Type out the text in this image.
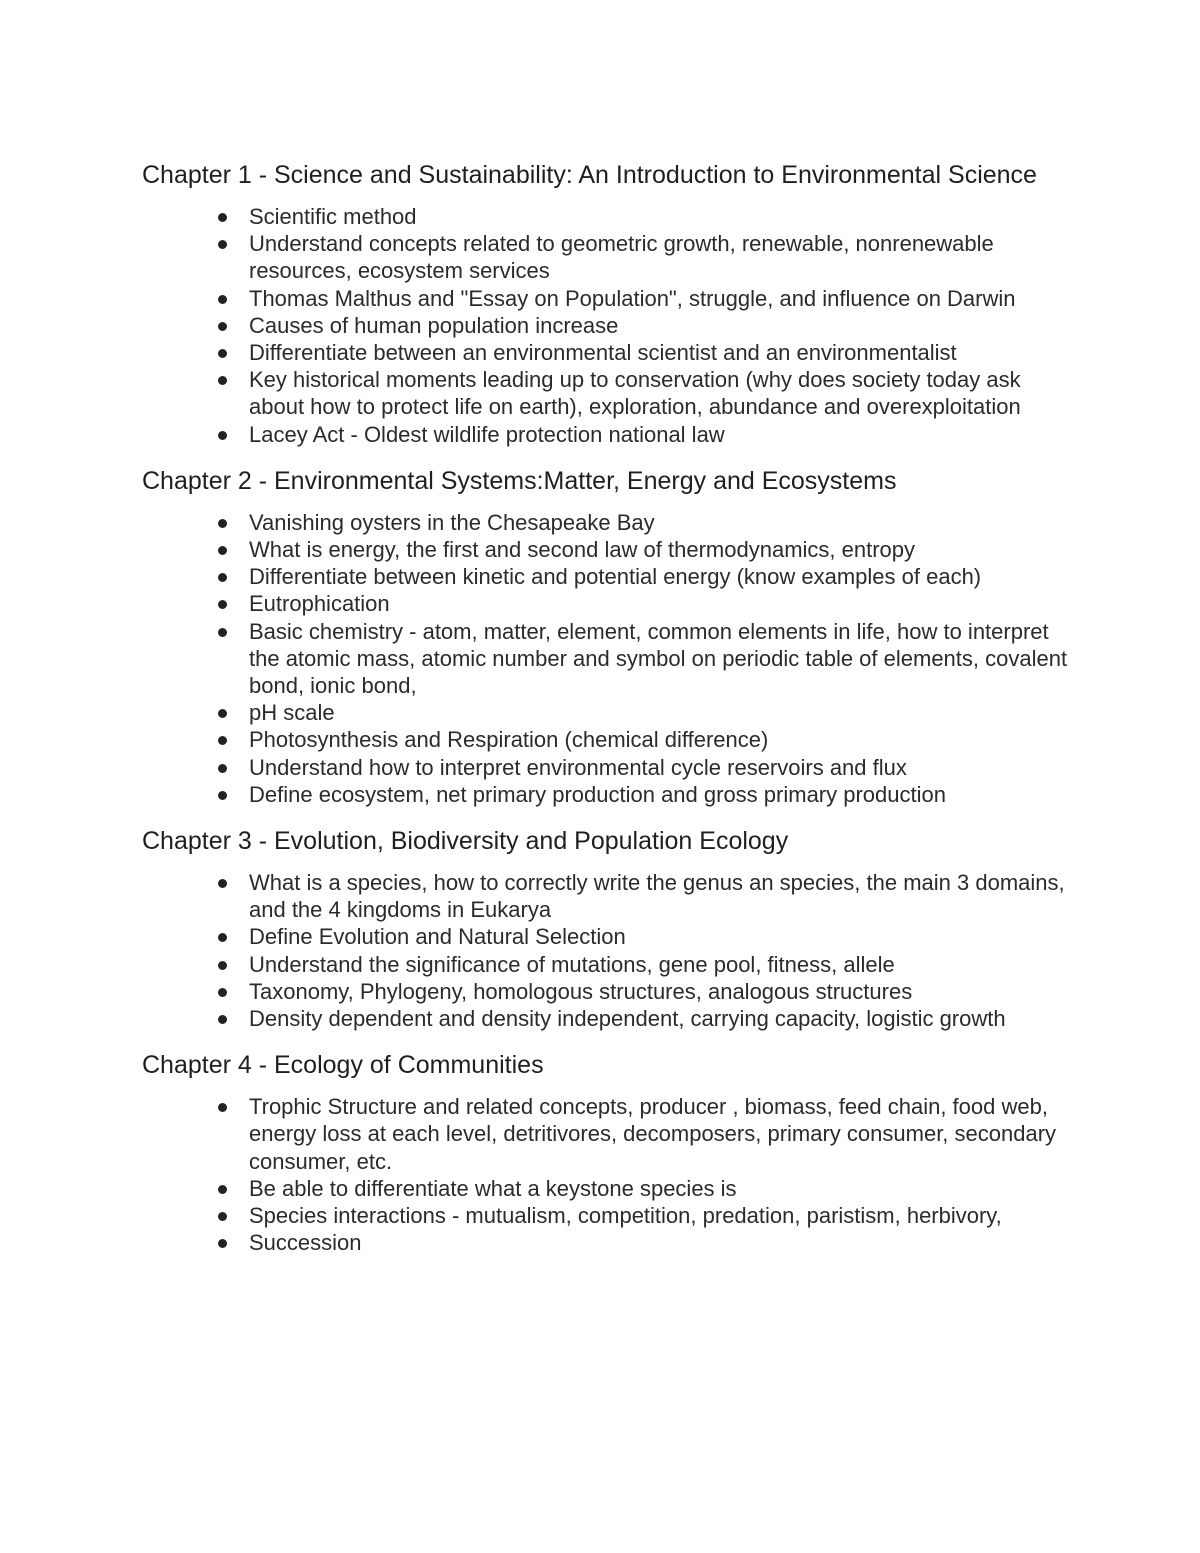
Chapter 1 - Science and Sustainability: An Introduction to Environmental Science
Scientific method
Understand concepts related to geometric growth, renewable, nonrenewable resources, ecosystem services
Thomas Malthus and "Essay on Population", struggle, and influence on Darwin
Causes of human population increase
Differentiate between an environmental scientist and an environmentalist
Key historical moments leading up to conservation (why does society today ask about how to protect life on earth), exploration, abundance and overexploitation
Lacey Act - Oldest wildlife protection national law
Chapter 2 - Environmental Systems:Matter, Energy and Ecosystems
Vanishing oysters in the Chesapeake Bay
What is energy, the first and second law of thermodynamics, entropy
Differentiate between kinetic and potential energy (know examples of each)
Eutrophication
Basic chemistry - atom, matter, element, common elements in life, how to interpret the atomic mass, atomic number and symbol on periodic table of elements, covalent bond, ionic bond,
pH scale
Photosynthesis and Respiration (chemical difference)
Understand how to interpret environmental cycle reservoirs and flux
Define ecosystem, net primary production and gross primary production
Chapter 3 - Evolution, Biodiversity and Population Ecology
What is a species, how to correctly write the genus an species, the main 3 domains, and the 4 kingdoms in Eukarya
Define Evolution and Natural Selection
Understand the significance of mutations, gene pool, fitness, allele
Taxonomy, Phylogeny, homologous structures, analogous structures
Density dependent and density independent, carrying capacity, logistic growth
Chapter 4 - Ecology of Communities
Trophic Structure and related concepts, producer , biomass, feed chain, food web, energy loss at each level, detritivores, decomposers, primary consumer, secondary consumer, etc.
Be able to differentiate what a keystone species is
Species interactions - mutualism, competition, predation, paristism, herbivory,
Succession
